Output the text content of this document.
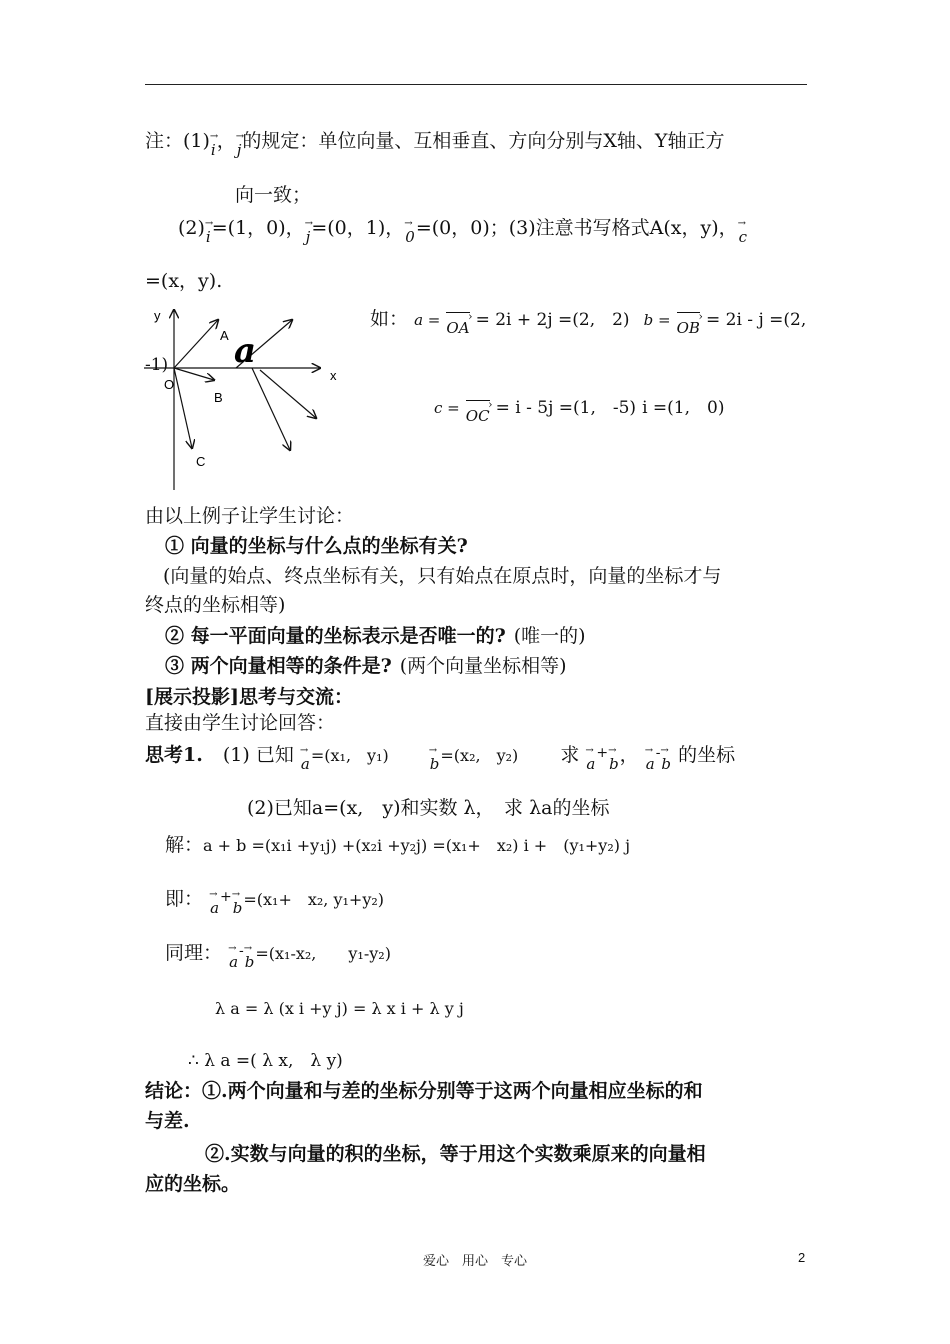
注：(1)→ i，→ j的规定：单位向量、互相垂直、方向分别与X轴、Y轴正方
向一致；
(2)→ i=(1，0)，→ j=(0，1)，→ 0=(0，0)；(3)注意书写格式A(x，y)，→ c
=(x，y).
y
x
O
A
B
C
a
如： a = OA › = 2i + 2j =(2,　2) b = OB › = 2i - j =(2,
-1)
c = OC › = i - 5j =(1,　-5) i =(1,　0)
由以上例子让学生讨论：
① 向量的坐标与什么点的坐标有关?
(向量的始点、终点坐标有关，只有始点在原点时，向量的坐标才与
终点的坐标相等)
② 每一平面向量的坐标表示是否唯一的? (唯一的)
③ 两个向量相等的条件是? (两个向量坐标相等)
[展示投影]思考与交流：
直接由学生讨论回答：
思考1. (1) 已知 → a=(x₁,　y₁)	→ b=(x₂,　y₂) 求 → a+→ b， → a-→ b 的坐标
(2)已知a=(x,　y)和实数 λ，　求 λa的坐标
解：a + b =(x₁i +y₁j) +(x₂i +y₂j) =(x₁+　x₂) i +　(y₁+y₂) j
即： → a+→ b=(x₁+　x₂, y₁+y₂)
同理： → a-→ b=(x₁-x₂,　　y₁-y₂)
λ a = λ (x i +y j) = λ x i + λ y j
∴ λ a =( λ x,　λ y)
结论：①.两个向量和与差的坐标分别等于这两个向量相应坐标的和
与差.
②.实数与向量的积的坐标，等于用这个实数乘原来的向量相
应的坐标。
爱心　用心　专心	2
